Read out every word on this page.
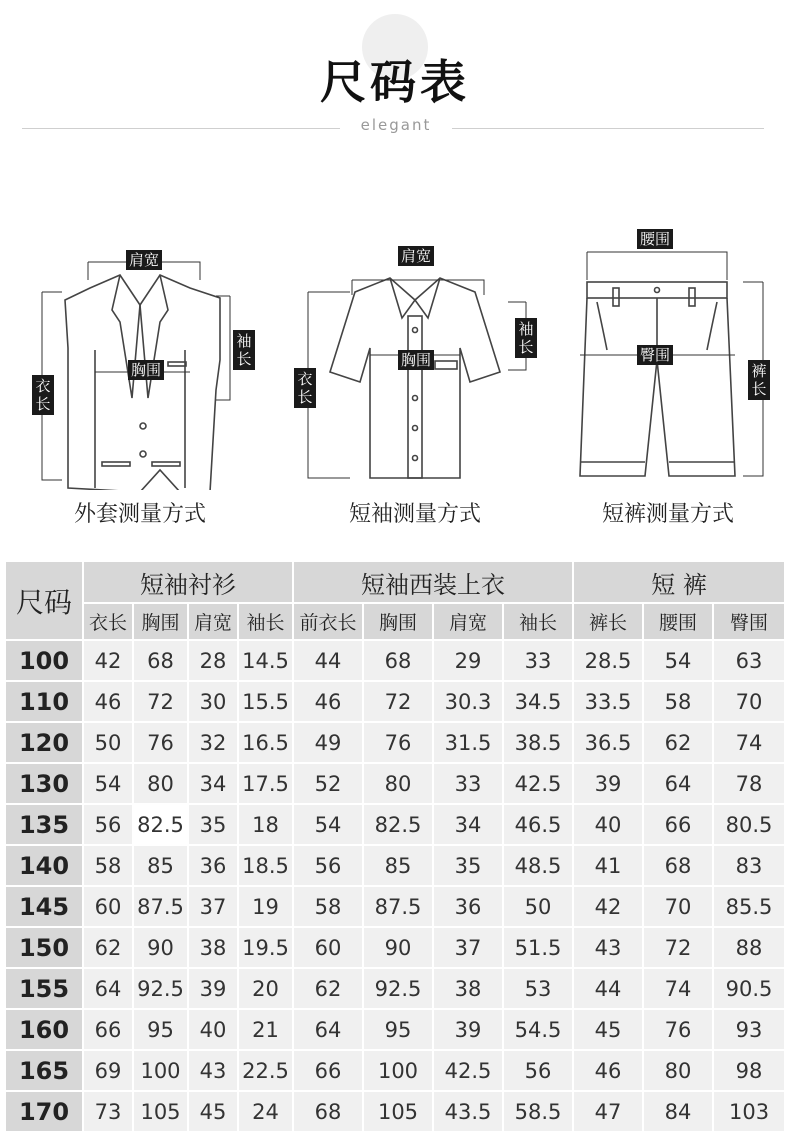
尺码表
elegant
肩宽
胸围
袖长
衣长
外套测量方式
肩宽
胸围
袖长
衣长
短袖测量方式
腰围
臀围
裤长
短裤测量方式
尺码	短袖衬衫				短袖西装上衣				短 裤		
	衣长	胸围	肩宽	袖长	前衣长	胸围	肩宽	袖长	裤长	腰围	臀围
100	42	68	28	14.5	44	68	29	33	28.5	54	63
110	46	72	30	15.5	46	72	30.3	34.5	33.5	58	70
120	50	76	32	16.5	49	76	31.5	38.5	36.5	62	74
130	54	80	34	17.5	52	80	33	42.5	39	64	78
135	56	82.5	35	18	54	82.5	34	46.5	40	66	80.5
140	58	85	36	18.5	56	85	35	48.5	41	68	83
145	60	87.5	37	19	58	87.5	36	50	42	70	85.5
150	62	90	38	19.5	60	90	37	51.5	43	72	88
155	64	92.5	39	20	62	92.5	38	53	44	74	90.5
160	66	95	40	21	64	95	39	54.5	45	76	93
165	69	100	43	22.5	66	100	42.5	56	46	80	98
170	73	105	45	24	68	105	43.5	58.5	47	84	103
